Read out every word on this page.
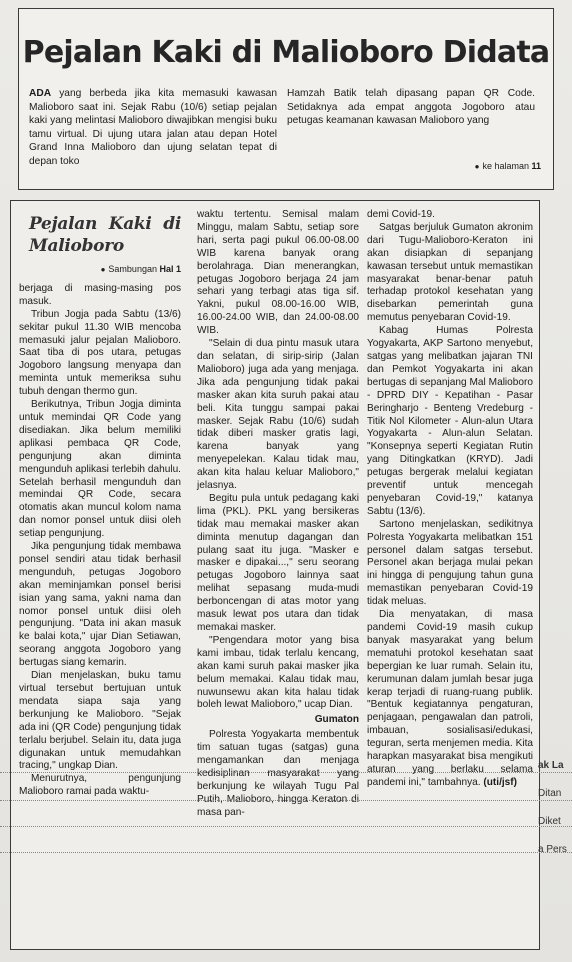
Pejalan Kaki di Malioboro Didata
ADA yang berbeda jika kita memasuki kawasan Malioboro saat ini. Sejak Rabu (10/6) setiap pejalan kaki yang melintasi Malioboro diwajibkan mengisi buku tamu virtual. Di ujung utara jalan atau depan Hotel Grand Inna Malioboro dan ujung selatan tepat di depan toko
Hamzah Batik telah dipasang papan QR Code. Setidaknya ada empat anggota Jogoboro atau petugas keamanan kawasan Malioboro yang
● ke halaman 11
Pejalan Kaki di Malioboro
● Sambungan Hal 1

berjaga di masing-masing pos masuk.

Tribun Jogja pada Sabtu (13/6) sekitar pukul 11.30 WIB mencoba memasuki jalur pejalan Malioboro. Saat tiba di pos utara, petugas Jogoboro langsung menyapa dan meminta untuk memeriksa suhu tubuh dengan thermo gun.

Berikutnya, Tribun Jogja diminta untuk memindai QR Code yang disediakan. Jika belum memiliki aplikasi pembaca QR Code, pengunjung akan diminta mengunduh aplikasi terlebih dahulu. Setelah berhasil mengunduh dan memindai QR Code, secara otomatis akan muncul kolom nama dan nomor ponsel untuk diisi oleh setiap pengunjung.

Jika pengunjung tidak membawa ponsel sendiri atau tidak berhasil mengunduh, petugas Jogoboro akan meminjamkan ponsel berisi isian yang sama, yakni nama dan nomor ponsel untuk diisi oleh pengunjung. "Data ini akan masuk ke balai kota," ujar Dian Setiawan, seorang anggota Jogoboro yang bertugas siang kemarin.

Dian menjelaskan, buku tamu virtual tersebut bertujuan untuk mendata siapa saja yang berkunjung ke Malioboro. "Sejak ada ini (QR Code) pengunjung tidak terlalu berjubel. Selain itu, data juga digunakan untuk memudahkan tracing," ungkap Dian.

Menurutnya, pengunjung Malioboro ramai pada waktu-

waktu tertentu. Semisal malam Minggu, malam Sabtu, setiap sore hari, serta pagi pukul 06.00-08.00 WIB karena banyak orang berolahraga. Dian menerangkan, petugas Jogoboro berjaga 24 jam sehari yang terbagi atas tiga sif. Yakni, pukul 08.00-16.00 WIB, 16.00-24.00 WIB, dan 24.00-08.00 WIB.

"Selain di dua pintu masuk utara dan selatan, di sirip-sirip (Jalan Malioboro) juga ada yang menjaga. Jika ada pengunjung tidak pakai masker akan kita suruh pakai atau beli. Kita tunggu sampai pakai masker. Sejak Rabu (10/6) sudah tidak diberi masker gratis lagi, karena banyak yang menyepelekan. Kalau tidak mau, akan kita halau keluar Malioboro," jelasnya.

Begitu pula untuk pedagang kaki lima (PKL). PKL yang bersikeras tidak mau memakai masker akan diminta menutup dagangan dan pulang saat itu juga. "Masker e masker e dipakai...," seru seorang petugas Jogoboro lainnya saat melihat sepasang muda-mudi berboncengan di atas motor yang masuk lewat pos utara dan tidak memakai masker.

"Pengendara motor yang bisa kami imbau, tidak terlalu kencang, akan kami suruh pakai masker jika belum memakai. Kalau tidak mau, nuwunsewu akan kita halau tidak boleh lewat Malioboro," ucap Dian.

Gumaton

Polresta Yogyakarta membentuk tim satuan tugas (satgas) guna mengamankan dan menjaga kedisiplinan masyarakat yang berkunjung ke wilayah Tugu Pal Putih, Malioboro, hingga Keraton di masa pan-

demi Covid-19.

Satgas berjuluk Gumaton akronim dari Tugu-Malioboro-Keraton ini akan disiapkan di sepanjang kawasan tersebut untuk memastikan masyarakat benar-benar patuh terhadap protokol kesehatan yang disebarkan pemerintah guna memutus penyebaran Covid-19.

Kabag Humas Polresta Yogyakarta, AKP Sartono menyebut, satgas yang melibatkan jajaran TNI dan Pemkot Yogyakarta ini akan bertugas di sepanjang Mal Malioboro - DPRD DIY - Kepatihan - Pasar Beringharjo - Benteng Vredeburg - Titik Nol Kilometer - Alun-alun Utara Yogyakarta - Alun-alun Selatan. "Konsepnya seperti Kegiatan Rutin yang Ditingkatkan (KRYD). Jadi petugas bergerak melalui kegiatan preventif untuk mencegah penyebaran Covid-19," katanya Sabtu (13/6).

Sartono menjelaskan, sedikitnya Polresta Yogyakarta melibatkan 151 personel dalam satgas tersebut. Personel akan berjaga mulai pekan ini hingga di pengujung tahun guna memastikan penyebaran Covid-19 tidak meluas.

Dia menyatakan, di masa pandemi Covid-19 masih cukup banyak masyarakat yang belum mematuhi protokol kesehatan saat bepergian ke luar rumah. Selain itu, kerumunan dalam jumlah besar juga kerap terjadi di ruang-ruang publik. "Bentuk kegiatannya pengaturan, penjagaan, pengawalan dan patroli, imbauan, sosialisasi/edukasi, teguran, serta menjemen media. Kita harapkan masyarakat bisa mengikuti aturan yang berlaku selama pandemi ini," tambahnya. (uti/jsf)

ak La
Ditan
Diket
a Pers
